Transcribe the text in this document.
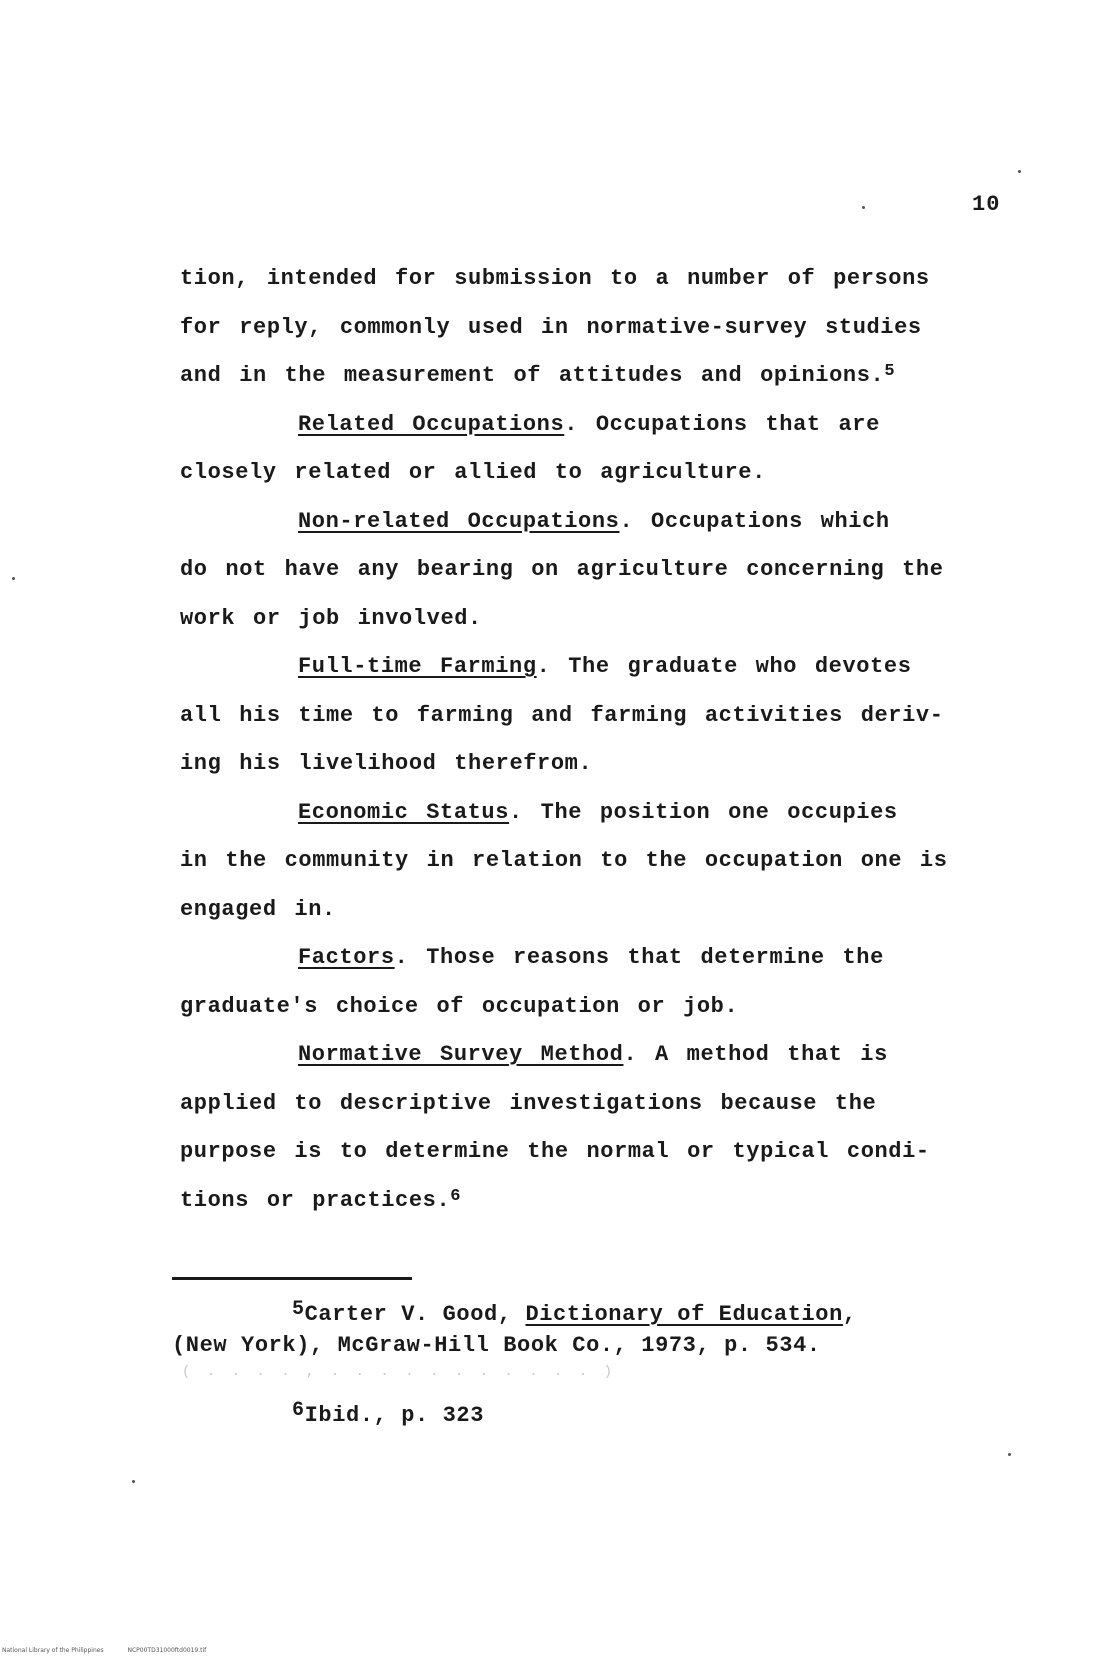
10
tion, intended for submission to a number of persons
for reply, commonly used in normative-survey studies
and in the measurement of attitudes and opinions.$^5$
Related Occupations. Occupations that are
closely related or allied to agriculture.
Non-related Occupations. Occupations which
do not have any bearing on agriculture concerning the
work or job involved.
Full-time Farming. The graduate who devotes
all his time to farming and farming activities deriv-
ing his livelihood therefrom.
Economic Status. The position one occupies
in the community in relation to the occupation one is
engaged in.
Factors. Those reasons that determine the
graduate's choice of occupation or job.
Normative Survey Method. A method that is
applied to descriptive investigations because the
purpose is to determine the normal or typical condi-
tions or practices.$^6$
5Carter V. Good, Dictionary of Education,
(New York), McGraw-Hill Book Co., 1973, p. 534.
( . . . . , . . . . . . . . . . . )
6Ibid., p. 323
National Library of the Philippines	NCP00TD31000ftd0019.tif
